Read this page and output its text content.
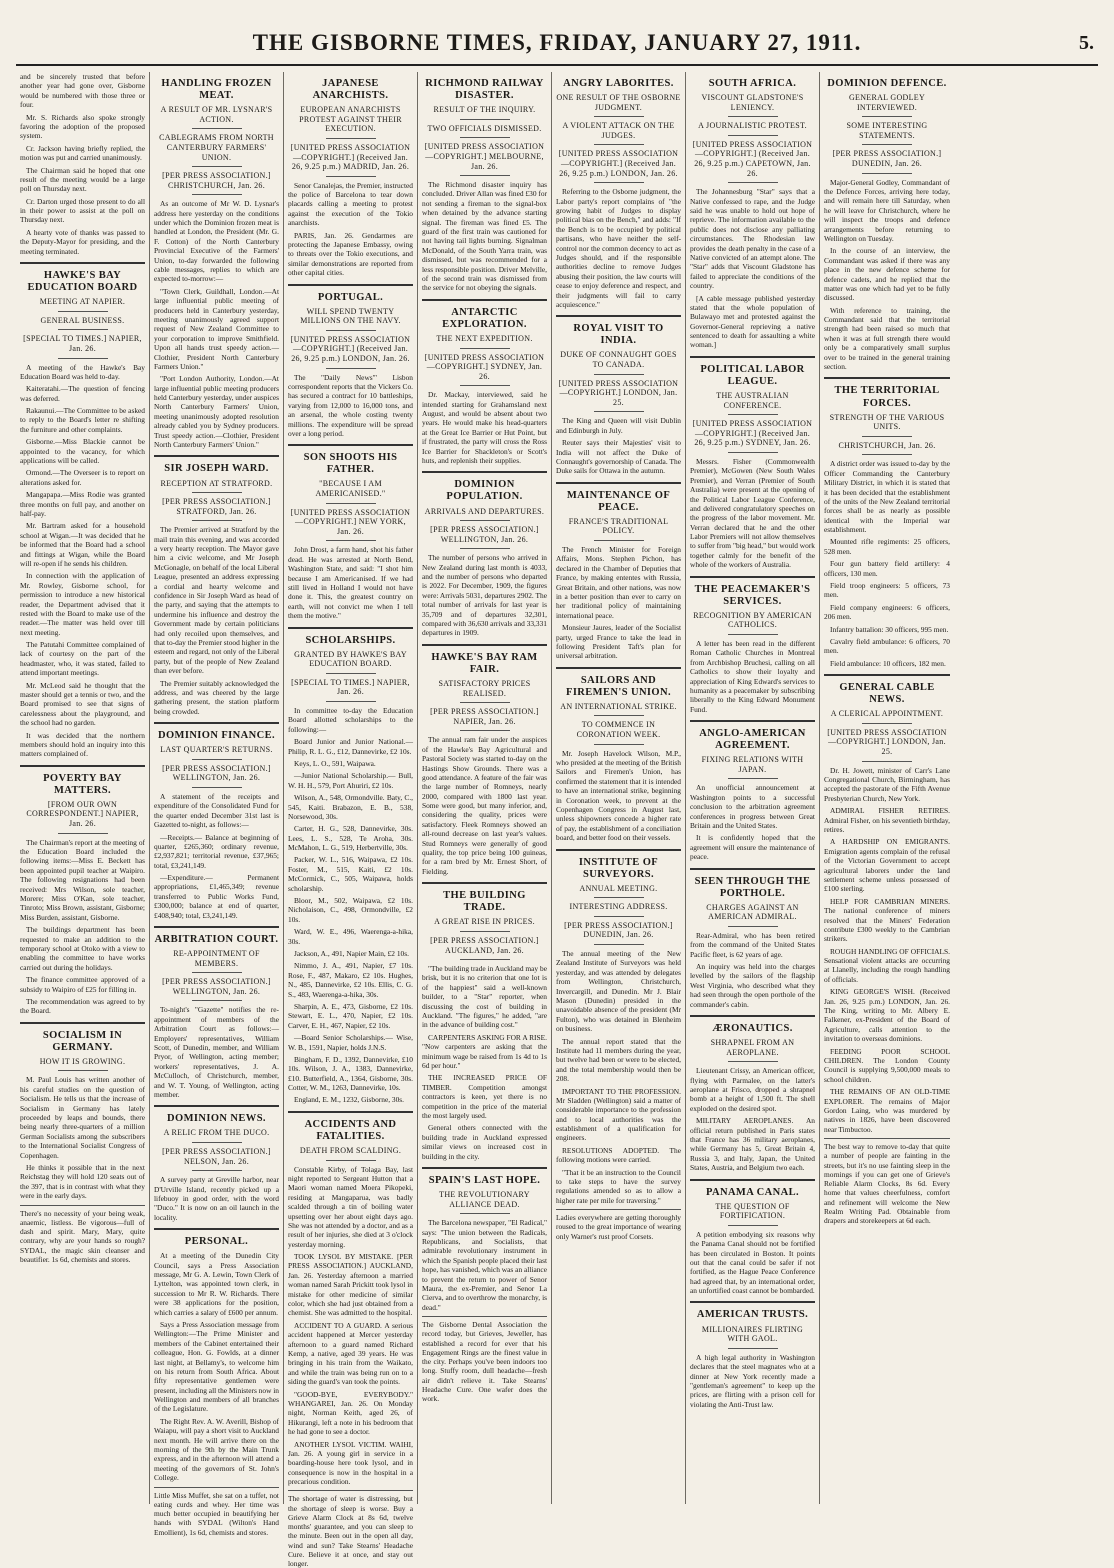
THE GISBORNE TIMES, FRIDAY, JANUARY 27, 1911.	5.

and be sincerely trusted that before another year had gone over, Gisborne would be numbered with those three or four.

Mr. S. Richards also spoke strongly favoring the adoption of the proposed system.

Cr. Jackson having briefly replied, the motion was put and carried unanimously.

The Chairman said he hoped that one result of the meeting would be a large poll on Thursday next.

Cr. Darton urged those present to do all in their power to assist at the poll on Thursday next.

A hearty vote of thanks was passed to the Deputy-Mayor for presiding, and the meeting terminated.

HAWKE'S BAY EDUCATION BOARD
MEETING AT NAPIER.
GENERAL BUSINESS.
[SPECIAL TO TIMES.] NAPIER, Jan. 26.

A meeting of the Hawke's Bay Education Board was held to-day.

Kaiteratahi.—The question of fencing was deferred.

Rakaunui.—The Committee to be asked to reply to the Board's letter re shifting the furniture and other complaints.

Gisborne.—Miss Blackie cannot be appointed to the vacancy, for which applications will be called.

Ormond.—The Overseer is to report on alterations asked for.

Mangapapa.—Miss Rodie was granted three months on full pay, and another on half-pay.

Mr. Bartram asked for a household school at Wigan.—It was decided that he be informed that the Board had a school and fittings at Wigan, while the Board will re-open if he sends his children.

In connection with the application of Mr. Rowley, Gisborne school, for permission to introduce a new historical reader, the Department advised that it rested with the Board to make use of the reader.—The matter was held over till next meeting.

The Patutahi Committee complained of lack of courtesy on the part of the headmaster, who, it was stated, failed to attend important meetings.

Mr. McLeod said he thought that the master should get a tennis or two, and the Board promised to see that signs of carelessness about the playground, and the school had no garden.

It was decided that the northern members should hold an inquiry into this matters complained of.

POVERTY BAY MATTERS.
[FROM OUR OWN CORRESPONDENT.] NAPIER, Jan. 26.

The Chairman's report at the meeting of the Education Board included the following items:—Miss E. Beckett has been appointed pupil teacher at Waipiro. The following resignations had been received: Mrs Wilson, sole teacher, Morere; Miss O'Kan, sole teacher, Tinroto; Miss Brown, assistant, Gisborne; Miss Burden, assistant, Gisborne.

The buildings department has been requested to make an addition to the temporary school at Otoko with a view to enabling the committee to have works carried out during the holidays.

The finance committee approved of a subsidy to Waipiro of £25 for filling in.

The recommendation was agreed to by the Board.

SOCIALISM IN GERMANY.
HOW IT IS GROWING.

M. Paul Louis has written another of his careful studies on the question of Socialism. He tells us that the increase of Socialism in Germany has lately proceeded by leaps and bounds, there being nearly three-quarters of a million German Socialists among the subscribers to the International Socialist Congress of Copenhagen.

He thinks it possible that in the next Reichstag they will hold 120 seats out of the 397, that is in contrast with what they were in the early days.

There's no necessity of your being weak, anaemic, listless. Be vigorous—full of dash and spirit. Mary, Mary, quite contrary, why are your hands so rough? SYDAL, the magic skin cleanser and beautifier. 1s 6d, chemists and stores.
HANDLING FROZEN MEAT.
A RESULT OF MR. LYSNAR'S ACTION.
CABLEGRAMS FROM NORTH CANTERBURY FARMERS' UNION.
[PER PRESS ASSOCIATION.] CHRISTCHURCH, Jan. 26.

As an outcome of Mr W. D. Lysnar's address here yesterday on the conditions under which the Dominion frozen meat is handled at London, the President (Mr. G. F. Cotton) of the North Canterbury Provincial Executive of the Farmers' Union, to-day forwarded the following cable messages, replies to which are expected to-morrow:—

"Town Clerk, Guildhall, London.—At large influential public meeting of producers held in Canterbury yesterday, meeting unanimously agreed support request of New Zealand Committee to your corporation to improve Smithfield. Upon all hands trust speedy action.—Clothier, President North Canterbury Farmers Union."

"Port London Authority, London.—At large influential public meeting producers held Canterbury yesterday, under auspices North Canterbury Farmers' Union, meeting unanimously adopted resolution already cabled you by Sydney producers. Trust speedy action.—Clothier, President North Canterbury Farmers' Union."

SIR JOSEPH WARD.
RECEPTION AT STRATFORD.
[PER PRESS ASSOCIATION.] STRATFORD, Jan. 26.

The Premier arrived at Stratford by the mail train this evening, and was accorded a very hearty reception. The Mayor gave him a civic welcome, and Mr Joseph McGonagle, on behalf of the local Liberal League, presented an address expressing a cordial and hearty welcome and confidence in Sir Joseph Ward as head of the party, and saying that the attempts to undermine his influence and destroy the Government made by certain politicians had only recoiled upon themselves, and that to-day the Premier stood higher in the esteem and regard, not only of the Liberal party, but of the people of New Zealand than ever before.

The Premier suitably acknowledged the address, and was cheered by the large gathering present, the station platform being crowded.

DOMINION FINANCE.
LAST QUARTER'S RETURNS.
[PER PRESS ASSOCIATION.] WELLINGTON, Jan. 26.

A statement of the receipts and expenditure of the Consolidated Fund for the quarter ended December 31st last is Gazetted to-night, as follows:—

—Receipts.— Balance at beginning of quarter, £265,360; ordinary revenue, £2,937,821; territorial revenue, £37,965; total, £3,241,149.

—Expenditure.— Permanent appropriations, £1,465,349; revenue transferred to Public Works Fund, £300,000; balance at end of quarter, £408,940; total, £3,241,149.

ARBITRATION COURT.
RE-APPOINTMENT OF MEMBERS.
[PER PRESS ASSOCIATION.] WELLINGTON, Jan. 26.

To-night's "Gazette" notifies the re-appointment of members of the Arbitration Court as follows:—Employers' representatives, William Scott, of Dunedin, member, and William Pryor, of Wellington, acting member; workers' representatives, J. A. McCulloch, of Christchurch, member, and W. T. Young, of Wellington, acting member.

DOMINION NEWS.
A RELIC FROM THE DUCO.
[PER PRESS ASSOCIATION.] NELSON, Jan. 26.

A survey party at Greville harbor, near D'Urville Island, recently picked up a lifebuoy in good order, with the word "Duco." It is now on an oil launch in the locality.

PERSONAL.

At a meeting of the Dunedin City Council, says a Press Association message, Mr G. A. Lewin, Town Clerk of Lyttelton, was appointed town clerk, in succession to Mr R. W. Richards. There were 38 applications for the position, which carries a salary of £600 per annum.

Says a Press Association message from Wellington:—The Prime Minister and members of the Cabinet entertained their colleague, Hon. G. Fowlds, at a dinner last night, at Bellamy's, to welcome him on his return from South Africa. About fifty representative gentlemen were present, including all the Ministers now in Wellington and members of all branches of the Legislature.

The Right Rev. A. W. Averill, Bishop of Waiapu, will pay a short visit to Auckland next month. He will arrive there on the morning of the 9th by the Main Trunk express, and in the afternoon will attend a meeting of the governors of St. John's College.

Little Miss Muffet, she sat on a tuffet, not eating curds and whey. Her time was much better occupied in beautifying her hands with SYDAL (Wilton's Hand Emollient), 1s 6d, chemists and stores.
JAPANESE ANARCHISTS.
EUROPEAN ANARCHISTS PROTEST AGAINST THEIR EXECUTION.
[UNITED PRESS ASSOCIATION—COPYRIGHT.] (Received Jan. 26, 9.25 p.m.) MADRID, Jan. 26.

Senor Canalejas, the Premier, instructed the police of Barcelona to tear down placards calling a meeting to protest against the execution of the Tokio anarchists.

PARIS, Jan. 26. Gendarmes are protecting the Japanese Embassy, owing to threats over the Tokio executions, and similar demonstrations are reported from other capital cities.

PORTUGAL.
WILL SPEND TWENTY MILLIONS ON THE NAVY.
[UNITED PRESS ASSOCIATION—COPYRIGHT.] (Received Jan. 26, 9.25 p.m.) LONDON, Jan. 26.

The "Daily News'" Lisbon correspondent reports that the Vickers Co. has secured a contract for 10 battleships, varying from 12,000 to 16,000 tons, and an arsenal, the whole costing twenty millions. The expenditure will be spread over a long period.

SON SHOOTS HIS FATHER.
"BECAUSE I AM AMERICANISED."
[UNITED PRESS ASSOCIATION—COPYRIGHT.] NEW YORK, Jan. 26.

John Drost, a farm hand, shot his father dead. He was arrested at North Bend, Washington State, and said: "I shot him because I am Americanised. If we had still lived in Holland I would not have done it. This, the greatest country on earth, will not convict me when I tell them the motive."

SCHOLARSHIPS.
GRANTED BY HAWKE'S BAY EDUCATION BOARD.
[SPECIAL TO TIMES.] NAPIER, Jan. 26.

In committee to-day the Education Board allotted scholarships to the following:—

Board Junior and Junior National.—Philip, R. L. G., £12, Dannevirke, £2 10s.

Keys, L. O., 591, Waipawa.

—Junior National Scholarship.— Bull, W. H. H., 579, Port Ahuriri, £2 10s.

Wilson, A., 548, Ormondville. Baty, C., 545, Kaiti. Brabazon, E. B., 538, Norsewood, 30s.

Carter, H. G., 528, Dannevirke, 30s. Lees, L. S., 528, Te Aroha, 30s. McMahon, L. G., 519, Herbertville, 30s.

Packer, W. L., 516, Waipawa, £2 10s. Foster, M., 515, Kaiti, £2 10s. McCormick, C., 505, Waipawa, holds scholarship.

Bloor, M., 502, Waipawa, £2 10s. Nicholaison, C., 498, Ormondville, £2 10s.

Ward, W. E., 496, Waerenga-a-hika, 30s.

Jackson, A., 491, Napier Main, £2 10s.

Nimmo, J. A., 491, Napier, £7 10s. Rose, F., 487, Makaro, £2 10s. Hughes, N., 485, Dannevirke, £2 10s. Ellis, C. G. S., 483, Waerenga-a-hika, 30s.

Sharpin, A. E., 473, Gisborne, £2 10s. Stewart, E. L., 470, Napier, £2 10s. Carver, E. H., 467, Napier, £2 10s.

—Board Senior Scholarships.— Wise, W. B., 1591, Napier, holds J.N.S.

Bingham, F. D., 1392, Dannevirke, £10 10s. Wilson, J. A., 1383, Dannevirke, £10. Butterfield, A., 1364, Gisborne, 30s. Cotter, W. M., 1263, Dannevirke, 10s.

England, E. M., 1232, Gisborne, 30s.

ACCIDENTS AND FATALITIES.
DEATH FROM SCALDING.

Constable Kirby, of Tolaga Bay, last night reported to Sergeant Hutton that a Maori woman named Moera Pikopeki, residing at Mangaparua, was badly scalded through a tin of boiling water upsetting over her about eight days ago. She was not attended by a doctor, and as a result of her injuries, she died at 3 o'clock yesterday morning.

TOOK LYSOL BY MISTAKE. [PER PRESS ASSOCIATION.] AUCKLAND, Jan. 26. Yesterday afternoon a married woman named Sarah Prickitt took lysol in mistake for other medicine of similar color, which she had just obtained from a chemist. She was admitted to the hospital.

ACCIDENT TO A GUARD. A serious accident happened at Mercer yesterday afternoon to a guard named Richard Kemp, a native, aged 39 years. He was bringing in his train from the Waikato, and while the train was being run on to a siding the guard's van took the points.

"GOOD-BYE, EVERYBODY." WHANGAREI, Jan. 26. On Monday night, Norman Keith, aged 26, of Hikurangi, left a note in his bedroom that he had gone to see a doctor.

ANOTHER LYSOL VICTIM. WAIHI, Jan. 26. A young girl in service in a boarding-house here took lysol, and in consequence is now in the hospital in a precarious condition.

The shortage of water is distressing, but the shortage of sleep is worse. Buy a Grieve Alarm Clock at 8s 6d, twelve months' guarantee, and you can sleep to the minute. Been out in the open all day, wind and sun? Take Stearns' Headache Cure. Believe it at once, and stay out longer.
RICHMOND RAILWAY DISASTER.
RESULT OF THE INQUIRY.
TWO OFFICIALS DISMISSED.
[UNITED PRESS ASSOCIATION—COPYRIGHT.] MELBOURNE, Jan. 26.

The Richmond disaster inquiry has concluded. Driver Allan was fined £30 for not sending a fireman to the signal-box when detained by the advance starting signal. The fireman was fined £5. The guard of the first train was cautioned for not having tail lights burning. Signalman McDonald, of the South Yarra train, was dismissed, but was recommended for a less responsible position. Driver Melville, of the second train was dismissed from the service for not obeying the signals.

ANTARCTIC EXPLORATION.
THE NEXT EXPEDITION.
[UNITED PRESS ASSOCIATION—COPYRIGHT.] SYDNEY, Jan. 26.

Dr. Mackay, interviewed, said he intended starting for Grahamsland next August, and would be absent about two years. He would make his head-quarters at the Great Ice Barrier or Hut Point, but if frustrated, the party will cross the Ross Ice Barrier for Shackleton's or Scott's huts, and replenish their supplies.

DOMINION POPULATION.
ARRIVALS AND DEPARTURES.
[PER PRESS ASSOCIATION.] WELLINGTON, Jan. 26.

The number of persons who arrived in New Zealand during last month is 4033, and the number of persons who departed is 2022. For December, 1909, the figures were: Arrivals 5031, departures 2902. The total number of arrivals for last year is 35,709 and of departures 32,301, compared with 36,630 arrivals and 33,331 departures in 1909.

HAWKE'S BAY RAM FAIR.
SATISFACTORY PRICES REALISED.
[PER PRESS ASSOCIATION.] NAPIER, Jan. 26.

The annual ram fair under the auspices of the Hawke's Bay Agricultural and Pastoral Society was started to-day on the Hastings Show Grounds. There was a good attendance. A feature of the fair was the large number of Romneys, nearly 2000, compared with 1800 last year. Some were good, but many inferior, and, considering the quality, prices were satisfactory. Fleek Romneys showed an all-round decrease on last year's values. Stud Romneys were generally of good quality, the top price being 100 guineas, for a ram bred by Mr. Ernest Short, of Fielding.

THE BUILDING TRADE.
A GREAT RISE IN PRICES.
[PER PRESS ASSOCIATION.] AUCKLAND, Jan. 26.

"The building trade in Auckland may be brisk, but it is no criterion that one lot is of the happiest" said a well-known builder, to a "Star" reporter, when discussing the cost of building in Auckland. "The figures," he added, "are in the advance of building cost."

CARPENTERS ASKING FOR A RISE. "Now carpenters are asking that the minimum wage be raised from 1s 4d to 1s 6d per hour."

THE INCREASED PRICE OF TIMBER. Competition amongst contractors is keen, yet there is no competition in the price of the material the most largely used.

General others connected with the building trade in Auckland expressed similar views on increased cost in building in the city.

SPAIN'S LAST HOPE.
THE REVOLUTIONARY ALLIANCE DEAD.

The Barcelona newspaper, "El Radical," says: "The union between the Radicals, Republicans, and Socialists, that admirable revolutionary instrument in which the Spanish people placed their last hope, has vanished, which was an alliance to prevent the return to power of Senor Maura, the ex-Premier, and Senor La Cierva, and to overthrow the monarchy, is dead."

The Gisborne Dental Association the record today, but Grieves, Jeweller, has established a record for ever that his Engagement Rings are the finest value in the city. Perhaps you've been indoors too long. Stuffy room, dull headache—fresh air didn't relieve it. Take Stearns' Headache Cure. One wafer does the work.
ANGRY LABORITES.
ONE RESULT OF THE OSBORNE JUDGMENT.
A VIOLENT ATTACK ON THE JUDGES.
[UNITED PRESS ASSOCIATION—COPYRIGHT.] (Received Jan. 26, 9.25 p.m.) LONDON, Jan. 26.

Referring to the Osborne judgment, the Labor party's report complains of "the growing habit of Judges to display political bias on the Bench," and adds: "If the Bench is to be occupied by political partisans, who have neither the self-control nor the common decency to act as Judges should, and if the responsible authorities decline to remove Judges abusing their position, the law courts will cease to enjoy deference and respect, and their judgments will fail to carry acquiescence."

ROYAL VISIT TO INDIA.
DUKE OF CONNAUGHT GOES TO CANADA.
[UNITED PRESS ASSOCIATION—COPYRIGHT.] LONDON, Jan. 25.

The King and Queen will visit Dublin and Edinburgh in July.

Reuter says their Majesties' visit to India will not affect the Duke of Connaught's governorship of Canada. The Duke sails for Ottawa in the autumn.

MAINTENANCE OF PEACE.
FRANCE'S TRADITIONAL POLICY.

The French Minister for Foreign Affairs, Mons. Stephen Pichon, has declared in the Chamber of Deputies that France, by making ententes with Russia, Great Britain, and other nations, was now in a better position than ever to carry on her traditional policy of maintaining international peace.

Monsieur Jaures, leader of the Socialist party, urged France to take the lead in following President Taft's plan for universal arbitration.

SAILORS AND FIREMEN'S UNION.
AN INTERNATIONAL STRIKE.
TO COMMENCE IN CORONATION WEEK.

Mr. Joseph Havelock Wilson, M.P., who presided at the meeting of the British Sailors and Firemen's Union, has confirmed the statement that it is intended to have an international strike, beginning in Coronation week, to prevent at the Copenhagen Congress in August last, unless shipowners concede a higher rate of pay, the establishment of a conciliation board, and better food on their vessels.

INSTITUTE OF SURVEYORS.
ANNUAL MEETING.
INTERESTING ADDRESS.
[PER PRESS ASSOCIATION.] DUNEDIN, Jan. 26.

The annual meeting of the New Zealand Institute of Surveyors was held yesterday, and was attended by delegates from Wellington, Christchurch, Invercargill, and Dunedin. Mr J. Blair Mason (Dunedin) presided in the unavoidable absence of the president (Mr Fulton), who was detained in Blenheim on business.

The annual report stated that the Institute had 11 members during the year, but twelve had been or were to be elected, and the total membership would then be 208.

IMPORTANT TO THE PROFESSION. Mr Sladden (Wellington) said a matter of considerable importance to the profession and to local authorities was the establishment of a qualification for engineers.

RESOLUTIONS ADOPTED. The following motions were carried.

"That it be an instruction to the Council to take steps to have the survey regulations amended so as to allow a higher rate per mile for traversing."

Ladies everywhere are getting thoroughly roused to the great importance of wearing only Warner's rust proof Corsets.
SOUTH AFRICA.
VISCOUNT GLADSTONE'S LENIENCY.
A JOURNALISTIC PROTEST.
[UNITED PRESS ASSOCIATION—COPYRIGHT.] (Received Jan. 26, 9.25 p.m.) CAPETOWN, Jan. 26.

The Johannesburg "Star" says that a Native confessed to rape, and the Judge said he was unable to hold out hope of reprieve. The information available to the public does not disclose any palliating circumstances. The Rhodesian law provides the death penalty in the case of a Native convicted of an attempt alone. The "Star" adds that Viscount Gladstone has failed to appreciate the conditions of the country.

[A cable message published yesterday stated that the whole population of Bulawayo met and protested against the Governor-General reprieving a native sentenced to death for assaulting a white woman.]

POLITICAL LABOR LEAGUE.
THE AUSTRALIAN CONFERENCE.
[UNITED PRESS ASSOCIATION—COPYRIGHT.] (Received Jan. 26, 9.25 p.m.) SYDNEY, Jan. 26.

Messrs. Fisher (Commonwealth Premier), McGowen (New South Wales Premier), and Verran (Premier of South Australia) were present at the opening of the Political Labor League Conference, and delivered congratulatory speeches on the progress of the labor movement. Mr. Verran declared that he and the other Labor Premiers will not allow themselves to suffer from "big head," but would work together calmly for the benefit of the whole of the workers of Australia.

THE PEACEMAKER'S SERVICES.
RECOGNITION BY AMERICAN CATHOLICS.

A letter has been read in the different Roman Catholic Churches in Montreal from Archbishop Bruchesi, calling on all Catholics to show their loyalty and appreciation of King Edward's services to humanity as a peacemaker by subscribing liberally to the King Edward Monument Fund.

ANGLO-AMERICAN AGREEMENT.
FIXING RELATIONS WITH JAPAN.

An unofficial announcement at Washington points to a successful conclusion to the arbitration agreement conferences in progress between Great Britain and the United States.

It is confidently hoped that the agreement will ensure the maintenance of peace.

SEEN THROUGH THE PORTHOLE.
CHARGES AGAINST AN AMERICAN ADMIRAL.

Rear-Admiral, who has been retired from the command of the United States Pacific fleet, is 62 years of age.

An inquiry was held into the charges levelled by the sailors of the flagship West Virginia, who described what they had seen through the open porthole of the commander's cabin.

ÆRONAUTICS.
SHRAPNEL FROM AN AEROPLANE.

Lieutenant Crissy, an American officer, flying with Parmalee, on the latter's aeroplane at Frisco, dropped a shrapnel bomb at a height of 1,500 ft. The shell exploded on the desired spot.

MILITARY AEROPLANES. An official return published in Paris states that France has 36 military aeroplanes, while Germany has 5, Great Britain 4, Russia 3, and Italy, Japan, the United States, Austria, and Belgium two each.

PANAMA CANAL.
THE QUESTION OF FORTIFICATION.

A petition embodying six reasons why the Panama Canal should not be fortified has been circulated in Boston. It points out that the canal could be safer if not fortified, as the Hague Peace Conference had agreed that, by an international order, an unfortified coast cannot be bombarded.

AMERICAN TRUSTS.
MILLIONAIRES FLIRTING WITH GAOL.

A high legal authority in Washington declares that the steel magnates who at a dinner at New York recently made a "gentleman's agreement" to keep up the prices, are flirting with a prison cell for violating the Anti-Trust law.

DOMINION DEFENCE.
GENERAL GODLEY INTERVIEWED.
SOME INTERESTING STATEMENTS.
[PER PRESS ASSOCIATION.] DUNEDIN, Jan. 26.

Major-General Godley, Commandant of the Defence Forces, arriving here today, and will remain here till Saturday, when he will leave for Christchurch, where he will inspect the troops and defence arrangements before returning to Wellington on Tuesday.

In the course of an interview, the Commandant was asked if there was any place in the new defence scheme for defence cadets, and he replied that the matter was one which had yet to be fully discussed.

With reference to training, the Commandant said that the territorial strength had been raised so much that when it was at full strength there would only be a comparatively small surplus over to be trained in the general training section.

THE TERRITORIAL FORCES.
STRENGTH OF THE VARIOUS UNITS.
CHRISTCHURCH, Jan. 26.

A district order was issued to-day by the Officer Commanding the Canterbury Military District, in which it is stated that it has been decided that the establishment of the units of the New Zealand territorial forces shall be as nearly as possible identical with the Imperial war establishment.

Mounted rifle regiments: 25 officers, 528 men.

Four gun battery field artillery: 4 officers, 130 men.

Field troop engineers: 5 officers, 73 men.

Field company engineers: 6 officers, 206 men.

Infantry battalion: 30 officers, 995 men.

Cavalry field ambulance: 6 officers, 70 men.

Field ambulance: 10 officers, 182 men.

GENERAL CABLE NEWS.
A CLERICAL APPOINTMENT.
[UNITED PRESS ASSOCIATION—COPYRIGHT.] LONDON, Jan. 25.

Dr. H. Jowett, minister of Carr's Lane Congregational Church, Birmingham, has accepted the pastorate of the Fifth Avenue Presbyterian Church, New York.

ADMIRAL FISHER RETIRES. Admiral Fisher, on his seventieth birthday, retires.

A HARDSHIP ON EMIGRANTS. Emigration agents complain of the refusal of the Victorian Government to accept agricultural laborers under the land settlement scheme unless possessed of £100 sterling.

HELP FOR CAMBRIAN MINERS. The national conference of miners resolved that the Miners' Federation contribute £300 weekly to the Cambrian strikers.

ROUGH HANDLING OF OFFICIALS. Sensational violent attacks are occurring at Llanelly, including the rough handling of officials.

KING GEORGE'S WISH. (Received Jan. 26, 9.25 p.m.) LONDON, Jan. 26. The King, writing to Mr. Albery E. Falkener, ex-President of the Board of Agriculture, calls attention to the invitation to overseas dominions.

FEEDING POOR SCHOOL CHILDREN. The London County Council is supplying 9,500,000 meals to school children.

THE REMAINS OF AN OLD-TIME EXPLORER. The remains of Major Gordon Laing, who was murdered by natives in 1826, have been discovered near Timbuctoo.

The best way to remove to-day that quite a number of people are fainting in the streets, but it's no use fainting sleep in the mornings if you can get one of Grieve's Reliable Alarm Clocks, 8s 6d. Every home that values cheerfulness, comfort and refinement will welcome the New Realm Writing Pad. Obtainable from drapers and storekeepers at 6d each.
